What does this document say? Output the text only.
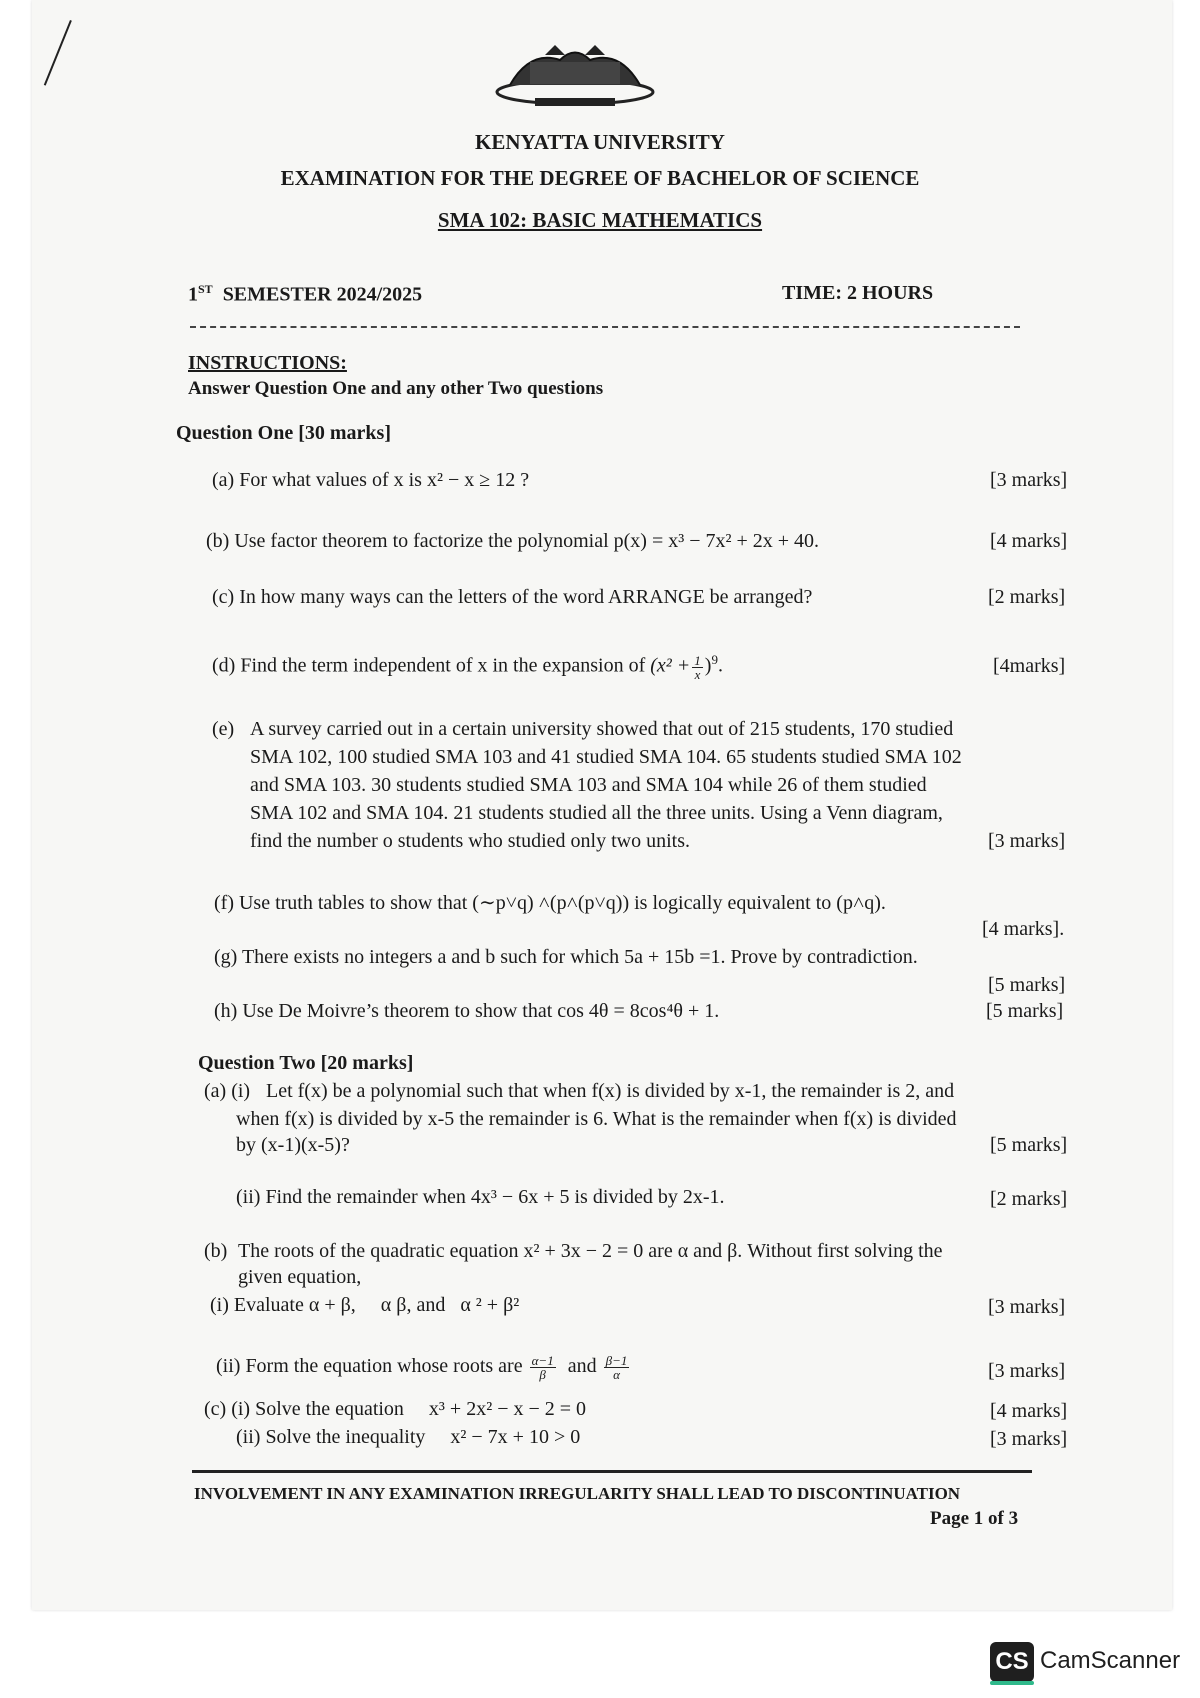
KENYATTA UNIVERSITY
EXAMINATION FOR THE DEGREE OF BACHELOR OF SCIENCE
SMA 102: BASIC MATHEMATICS
1ST SEMESTER 2024/2025	TIME: 2 HOURS
INSTRUCTIONS:
Answer Question One and any other Two questions
Question One [30 marks]
(a) For what values of x is x² − x ≥ 12 ?	[3 marks]
(b) Use factor theorem to factorize the polynomial p(x) = x³ − 7x² + 2x + 40.	[4 marks]
(c) In how many ways can the letters of the word ARRANGE be arranged?	[2 marks]
(d) Find the term independent of x in the expansion of $(x^2 + \frac{1}{x} )^9$.	[4marks]
(e) A survey carried out in a certain university showed that out of 215 students, 170 studied
SMA 102, 100 studied SMA 103 and 41 studied SMA 104. 65 students studied SMA 102
and SMA 103. 30 students studied SMA 103 and SMA 104 while 26 of them studied
SMA 102 and SMA 104. 21 students studied all the three units. Using a Venn diagram,
find the number o students who studied only two units.	[3 marks]
(f) Use truth tables to show that (∼p˅q) ˄(p˄(p˅q)) is logically equivalent to (p˄q).
[4 marks].
(g) There exists no integers a and b such for which 5a + 15b =1. Prove by contradiction.
[5 marks]
(h) Use De Moivre’s theorem to show that cos 4θ = 8cos⁴θ + 1.	[5 marks]
Question Two [20 marks]
(a) (i) Let f(x) be a polynomial such that when f(x) is divided by x-1, the remainder is 2, and
when f(x) is divided by x-5 the remainder is 6. What is the remainder when f(x) is divided
by (x-1)(x-5)?	[5 marks]
(ii) Find the remainder when 4x³ − 6x + 5 is divided by 2x-1.	[2 marks]
(b) The roots of the quadratic equation x² + 3x − 2 = 0 are α and β. Without first solving the
given equation,
(i) Evaluate α + β,     α β, and   α ² + β²	[3 marks]
(ii) Form the equation whose roots are $\frac{\alpha-1}{\beta}$ and $\frac{\beta-1}{\alpha}$	[3 marks]
(c) (i) Solve the equation     x³ + 2x² − x − 2 = 0	[4 marks]
(ii) Solve the inequality     x² − 7x + 10 > 0	[3 marks]
INVOLVEMENT IN ANY EXAMINATION IRREGULARITY SHALL LEAD TO DISCONTINUATION
Page 1 of 3
CS CamScanner
